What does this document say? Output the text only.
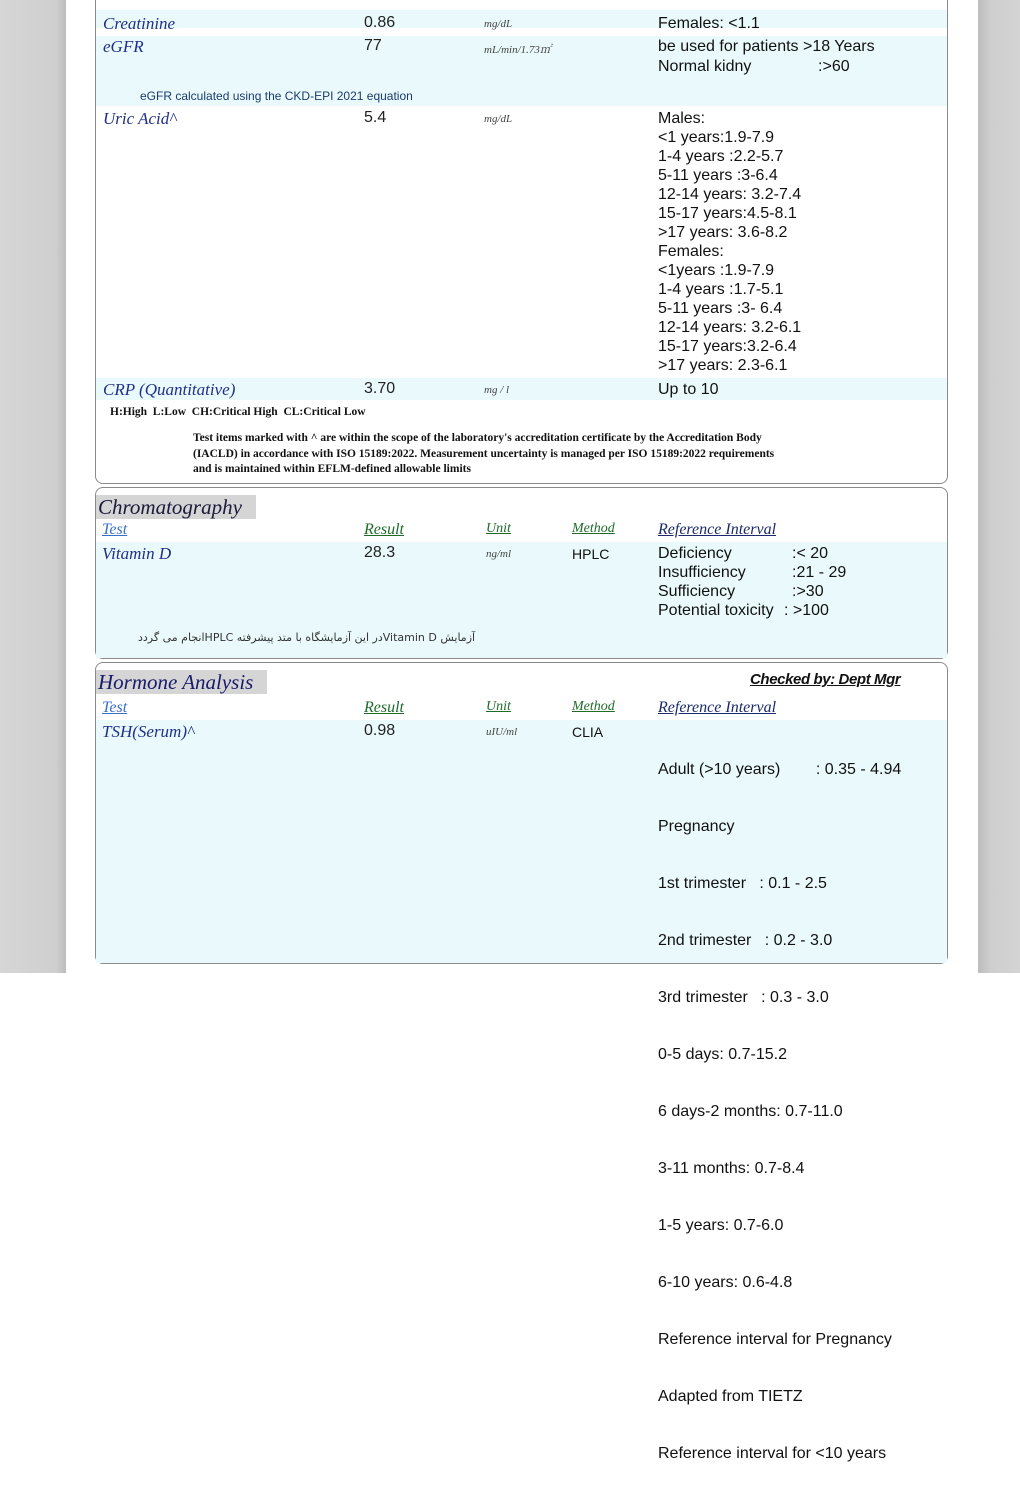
Creatinine	0.86	mg/dL	Females: <1.1
eGFR	77	mL/min/1.73㎡	be used for patients >18 Years
Normal kidny               :>60
eGFR calculated using the CKD-EPI 2021 equation
Uric Acid^	5.4	mg/dL	Males:
<1 years:1.9-7.9
1-4 years :2.2-5.7
5-11 years :3-6.4
12-14 years: 3.2-7.4
15-17 years:4.5-8.1
>17 years: 3.6-8.2
Females:
<1years :1.9-7.9
1-4 years :1.7-5.1
5-11 years :3- 6.4
12-14 years: 3.2-6.1
15-17 years:3.2-6.4
>17 years: 2.3-6.1
CRP (Quantitative)	3.70	mg / l	Up to 10
H:High  L:Low  CH:Critical High  CL:Critical Low
Test items marked with ^ are within the scope of the laboratory's accreditation certificate by the Accreditation Body
(IACLD) in accordance with ISO 15189:2022. Measurement uncertainty is managed per ISO 15189:2022 requirements
and is maintained within EFLM-defined allowable limits
Chromatography
Test	Result	Unit	Method	Reference Interval
Vitamin D	28.3	ng/ml	HPLC	Deficiency	:< 20
Insufficiency	:21 - 29
Sufficiency	:>30
Potential toxicity : >100
آزمایش Vitamin Dدر این آزمایشگاه با متد پیشرفته HPLCانجام می گردد
Hormone Analysis	Checked by: Dept Mgr
Test	Result	Unit	Method	Reference Interval
TSH(Serum)^	0.98	uIU/ml	CLIA

Adult (>10 years)        : 0.35 - 4.94

Pregnancy

1st trimester   : 0.1 - 2.5

2nd trimester   : 0.2 - 3.0

3rd trimester   : 0.3 - 3.0

0-5 days: 0.7-15.2

6 days-2 months: 0.7-11.0

3-11 months: 0.7-8.4

1-5 years: 0.7-6.0

6-10 years: 0.6-4.8

Reference interval for Pregnancy

Adapted from TIETZ

Reference interval for <10 years
